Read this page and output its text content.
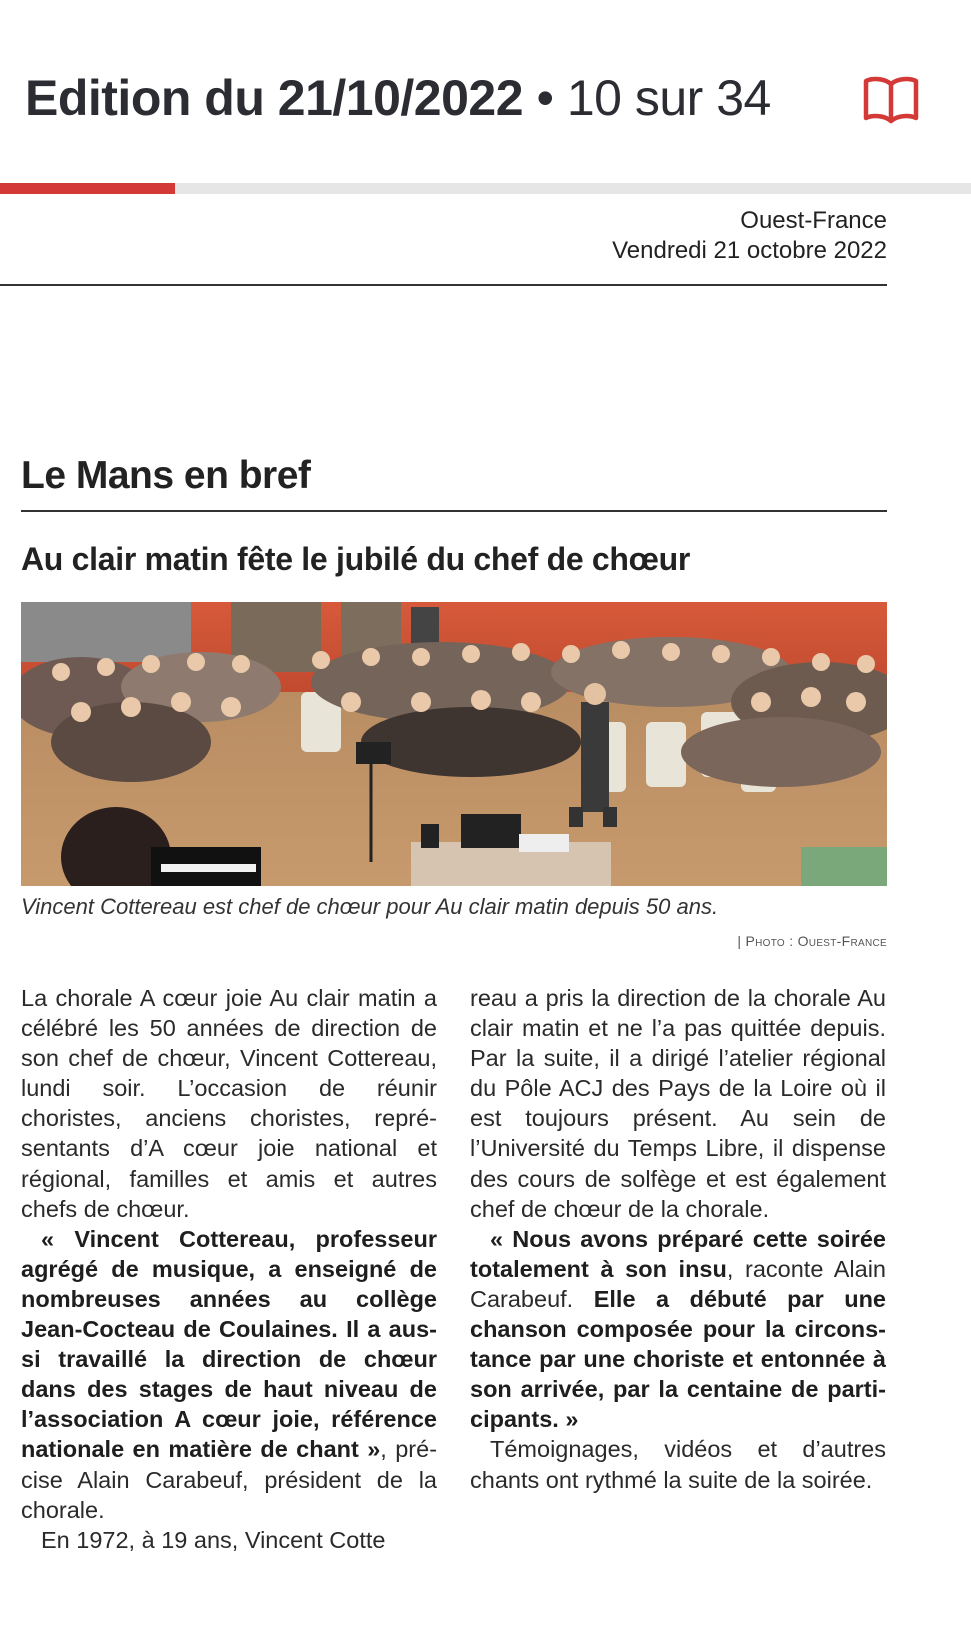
Edition du 21/10/2022 • 10 sur 34
Ouest-France
Vendredi 21 octobre 2022
Le Mans en bref
Au clair matin fête le jubilé du chef de chœur
Vincent Cottereau est chef de chœur pour Au clair matin depuis 50 ans.
| Photo : Ouest-France

La chorale A cœur joie Au clair matin a célébré les 50 années de direction de son chef de chœur, Vincent Cottereau, lundi soir. L’occasion de réunir choristes, anciens choristes, représentants d’A cœur joie national et régional, familles et amis et autres chefs de chœur.

« Vincent Cottereau, professeur agrégé de musique, a enseigné de nombreuses années au collège Jean-Cocteau de Coulaines. Il a aussi travaillé la direction de chœur dans des stages de haut niveau de l’association A cœur joie, référence nationale en matière de chant », précise Alain Carabeuf, président de la chorale.

En 1972, à 19 ans, Vincent Cotte

reau a pris la direction de la chorale Au clair matin et ne l’a pas quittée depuis. Par la suite, il a dirigé l’atelier régional du Pôle ACJ des Pays de la Loire où il est toujours présent. Au sein de l’Université du Temps Libre, il dispense des cours de solfège et est également chef de chœur de la chorale.

« Nous avons préparé cette soirée totalement à son insu, raconte Alain Carabeuf. Elle a débuté par une chanson composée pour la circonstance par une choriste et entonnée à son arrivée, par la centaine de participants. »

Témoignages, vidéos et d’autres chants ont rythmé la suite de la soirée.
